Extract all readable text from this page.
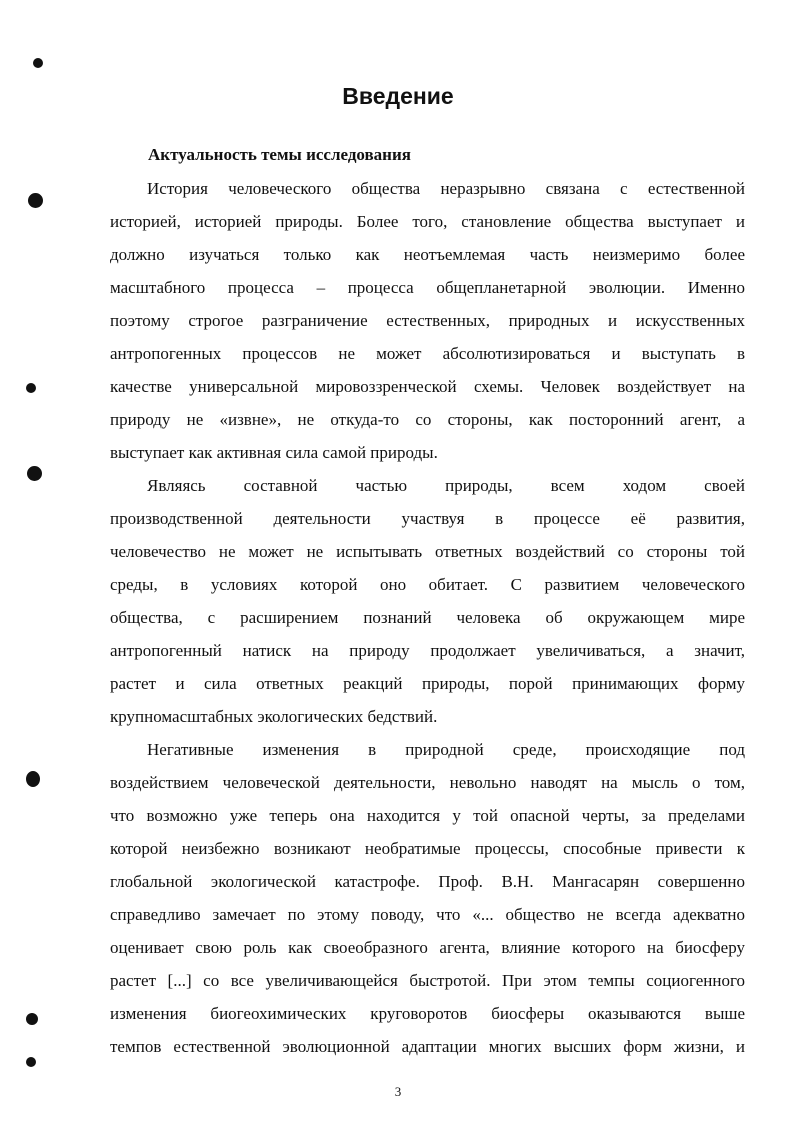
Введение
Актуальность темы исследования
История человеческого общества неразрывно связана с естественной
историей, историей природы. Более того, становление общества выступает и
должно изучаться только как неотъемлемая часть неизмеримо более
масштабного процесса – процесса общепланетарной эволюции. Именно
поэтому строгое разграничение естественных, природных и искусственных
антропогенных процессов не может абсолютизироваться и выступать в
качестве универсальной мировоззренческой схемы. Человек воздействует на
природу не «извне», не откуда-то со стороны, как посторонний агент, а
выступает как активная сила самой природы.
Являясь составной частью природы, всем ходом своей
производственной деятельности участвуя в процессе её развития,
человечество не может не испытывать ответных воздействий со стороны той
среды, в условиях которой оно обитает. С развитием человеческого
общества, с расширением познаний человека об окружающем мире
антропогенный натиск на природу продолжает увеличиваться, а значит,
растет и сила ответных реакций природы, порой принимающих форму
крупномасштабных экологических бедствий.
Негативные изменения в природной среде, происходящие под
воздействием человеческой деятельности, невольно наводят на мысль о том,
что возможно уже теперь она находится у той опасной черты, за пределами
которой неизбежно возникают необратимые процессы, способные привести к
глобальной экологической катастрофе. Проф. В.Н. Мангасарян совершенно
справедливо замечает по этому поводу, что «... общество не всегда адекватно
оценивает свою роль как своеобразного агента, влияние которого на биосферу
растет [...] со все увеличивающейся быстротой. При этом темпы социогенного
изменения биогеохимических круговоротов биосферы оказываются выше
темпов естественной эволюционной адаптации многих высших форм жизни, и

3
